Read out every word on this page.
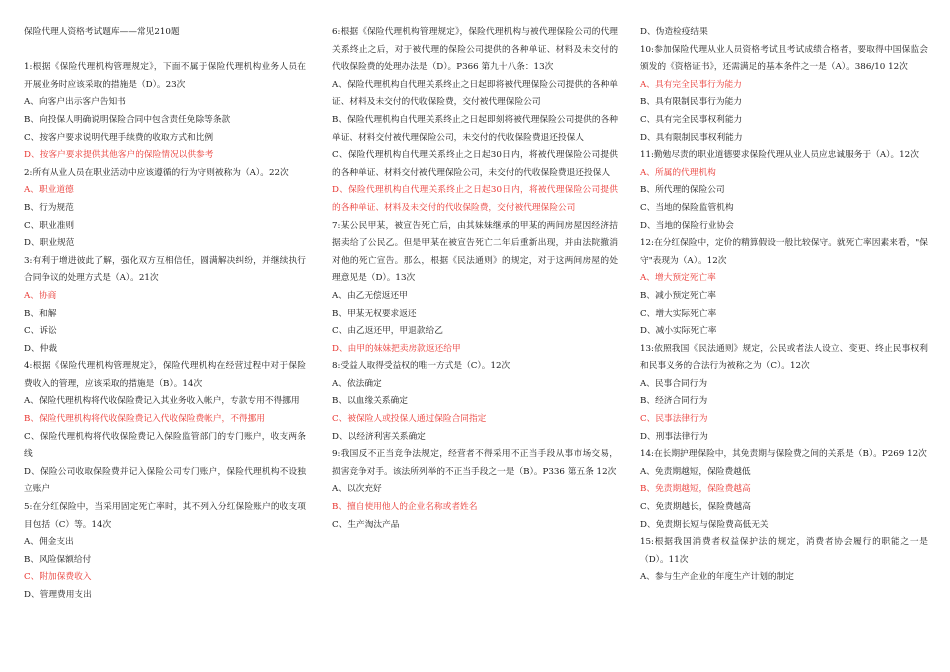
保险代理人资格考试题库——常见210题

1:根据《保险代理机构管理规定》，下面不属于保险代理机构业务人员在开展业务时应该采取的措施是（D）。23次

A、向客户出示客户告知书

B、向投保人明确说明保险合同中包含责任免除等条款

C、按客户要求说明代理手续费的收取方式和比例

D、按客户要求提供其他客户的保险情况以供参考

2:所有从业人员在职业活动中应该遵循的行为守则被称为（A）。22次

A、职业道德

B、行为规范

C、职业准则

D、职业规范

3:有利于增进彼此了解，强化双方互相信任，圆满解决纠纷，并继续执行合同争议的处理方式是（A）。21次

A、协商

B、和解

C、诉讼

D、仲裁

4:根据《保险代理机构管理规定》，保险代理机构在经营过程中对于保险费收入的管理，应该采取的措施是（B）。14次

A、保险代理机构将代收保险费记入其业务收入帐户，专款专用不得挪用

B、保险代理机构将代收保险费记入代收保险费帐户，不得挪用

C、保险代理机构将代收保险费记入保险监管部门的专门账户，收支两条线

D、保险公司收取保险费并记入保险公司专门账户，保险代理机构不设独立账户

5:在分红保险中，当采用固定死亡率时，其不列入分红保险账户的收支项目包括（C）等。14次

A、佣金支出

B、风险保额给付

C、附加保费收入

D、管理费用支出

6:根据《保险代理机构管理规定》，保险代理机构与被代理保险公司的代理关系终止之后，对于被代理的保险公司提供的各种单证、材料及未交付的代收保险费的处理办法是（D）。P366 第九十八条：13次

A、保险代理机构自代理关系终止之日起即将被代理保险公司提供的各种单证、材料及未交付的代收保险费，交付被代理保险公司

B、保险代理机构自代理关系终止之日起即刻将被代理保险公司提供的各种单证、材料交付被代理保险公司，未交付的代收保险费退还投保人

C、保险代理机构自代理关系终止之日起30日内，将被代理保险公司提供的各种单证、材料交付被代理保险公司，未交付的代收保险费退还投保人

D、保险代理机构自代理关系终止之日起30日内，将被代理保险公司提供的各种单证、材料及未交付的代收保险费，交付被代理保险公司

7:某公民甲某，被宣告死亡后，由其妹妹继承的甲某的两间房屋因经济拮据卖给了公民乙。但是甲某在被宣告死亡二年后重新出现，并由法院撤消对他的死亡宣告。那么，根据《民法通则》的规定，对于这两间房屋的处理意见是（D）。13次

A、由乙无偿返还甲

B、甲某无权要求返还

C、由乙返还甲，甲退款给乙

D、由甲的妹妹把卖房款返还给甲

8:受益人取得受益权的唯一方式是（C）。12次

A、依法确定

B、以血缘关系确定

C、被保险人或投保人通过保险合同指定

D、以经济利害关系确定

9:我国反不正当竞争法规定，经营者不得采用不正当手段从事市场交易，损害竞争对手。该法所列举的不正当手段之一是（B）。P336 第五条 12次

A、以次充好

B、擅自使用他人的企业名称或者姓名

C、生产淘汰产品

D、伪造检疫结果

10:参加保险代理从业人员资格考试且考试成绩合格者，要取得中国保监会颁发的《资格证书》，还需满足的基本条件之一是（A）。386/10 12次

A、具有完全民事行为能力

B、具有限制民事行为能力

C、具有完全民事权利能力

D、具有限制民事权利能力

11:勤勉尽责的职业道德要求保险代理从业人员应忠诚服务于（A）。12次

A、所属的代理机构

B、所代理的保险公司

C、当地的保险监管机构

D、当地的保险行业协会

12:在分红保险中，定价的精算假设一般比较保守。就死亡率因素来看，"保守"表现为（A）。12次

A、增大预定死亡率

B、减小预定死亡率

C、增大实际死亡率

D、减小实际死亡率

13:依照我国《民法通则》规定，公民或者法人设立、变更、终止民事权利和民事义务的合法行为被称之为（C）。12次

A、民事合同行为

B、经济合同行为

C、民事法律行为

D、刑事法律行为

14:在长期护理保险中，其免责期与保险费之间的关系是（B）。P269 12次

A、免责期越短，保险费越低

B、免责期越短，保险费越高

C、免责期越长，保险费越高

D、免责期长短与保险费高低无关

15:根据我国消费者权益保护法的规定，消费者协会履行的职能之一是（D）。11次

A、参与生产企业的年度生产计划的制定
